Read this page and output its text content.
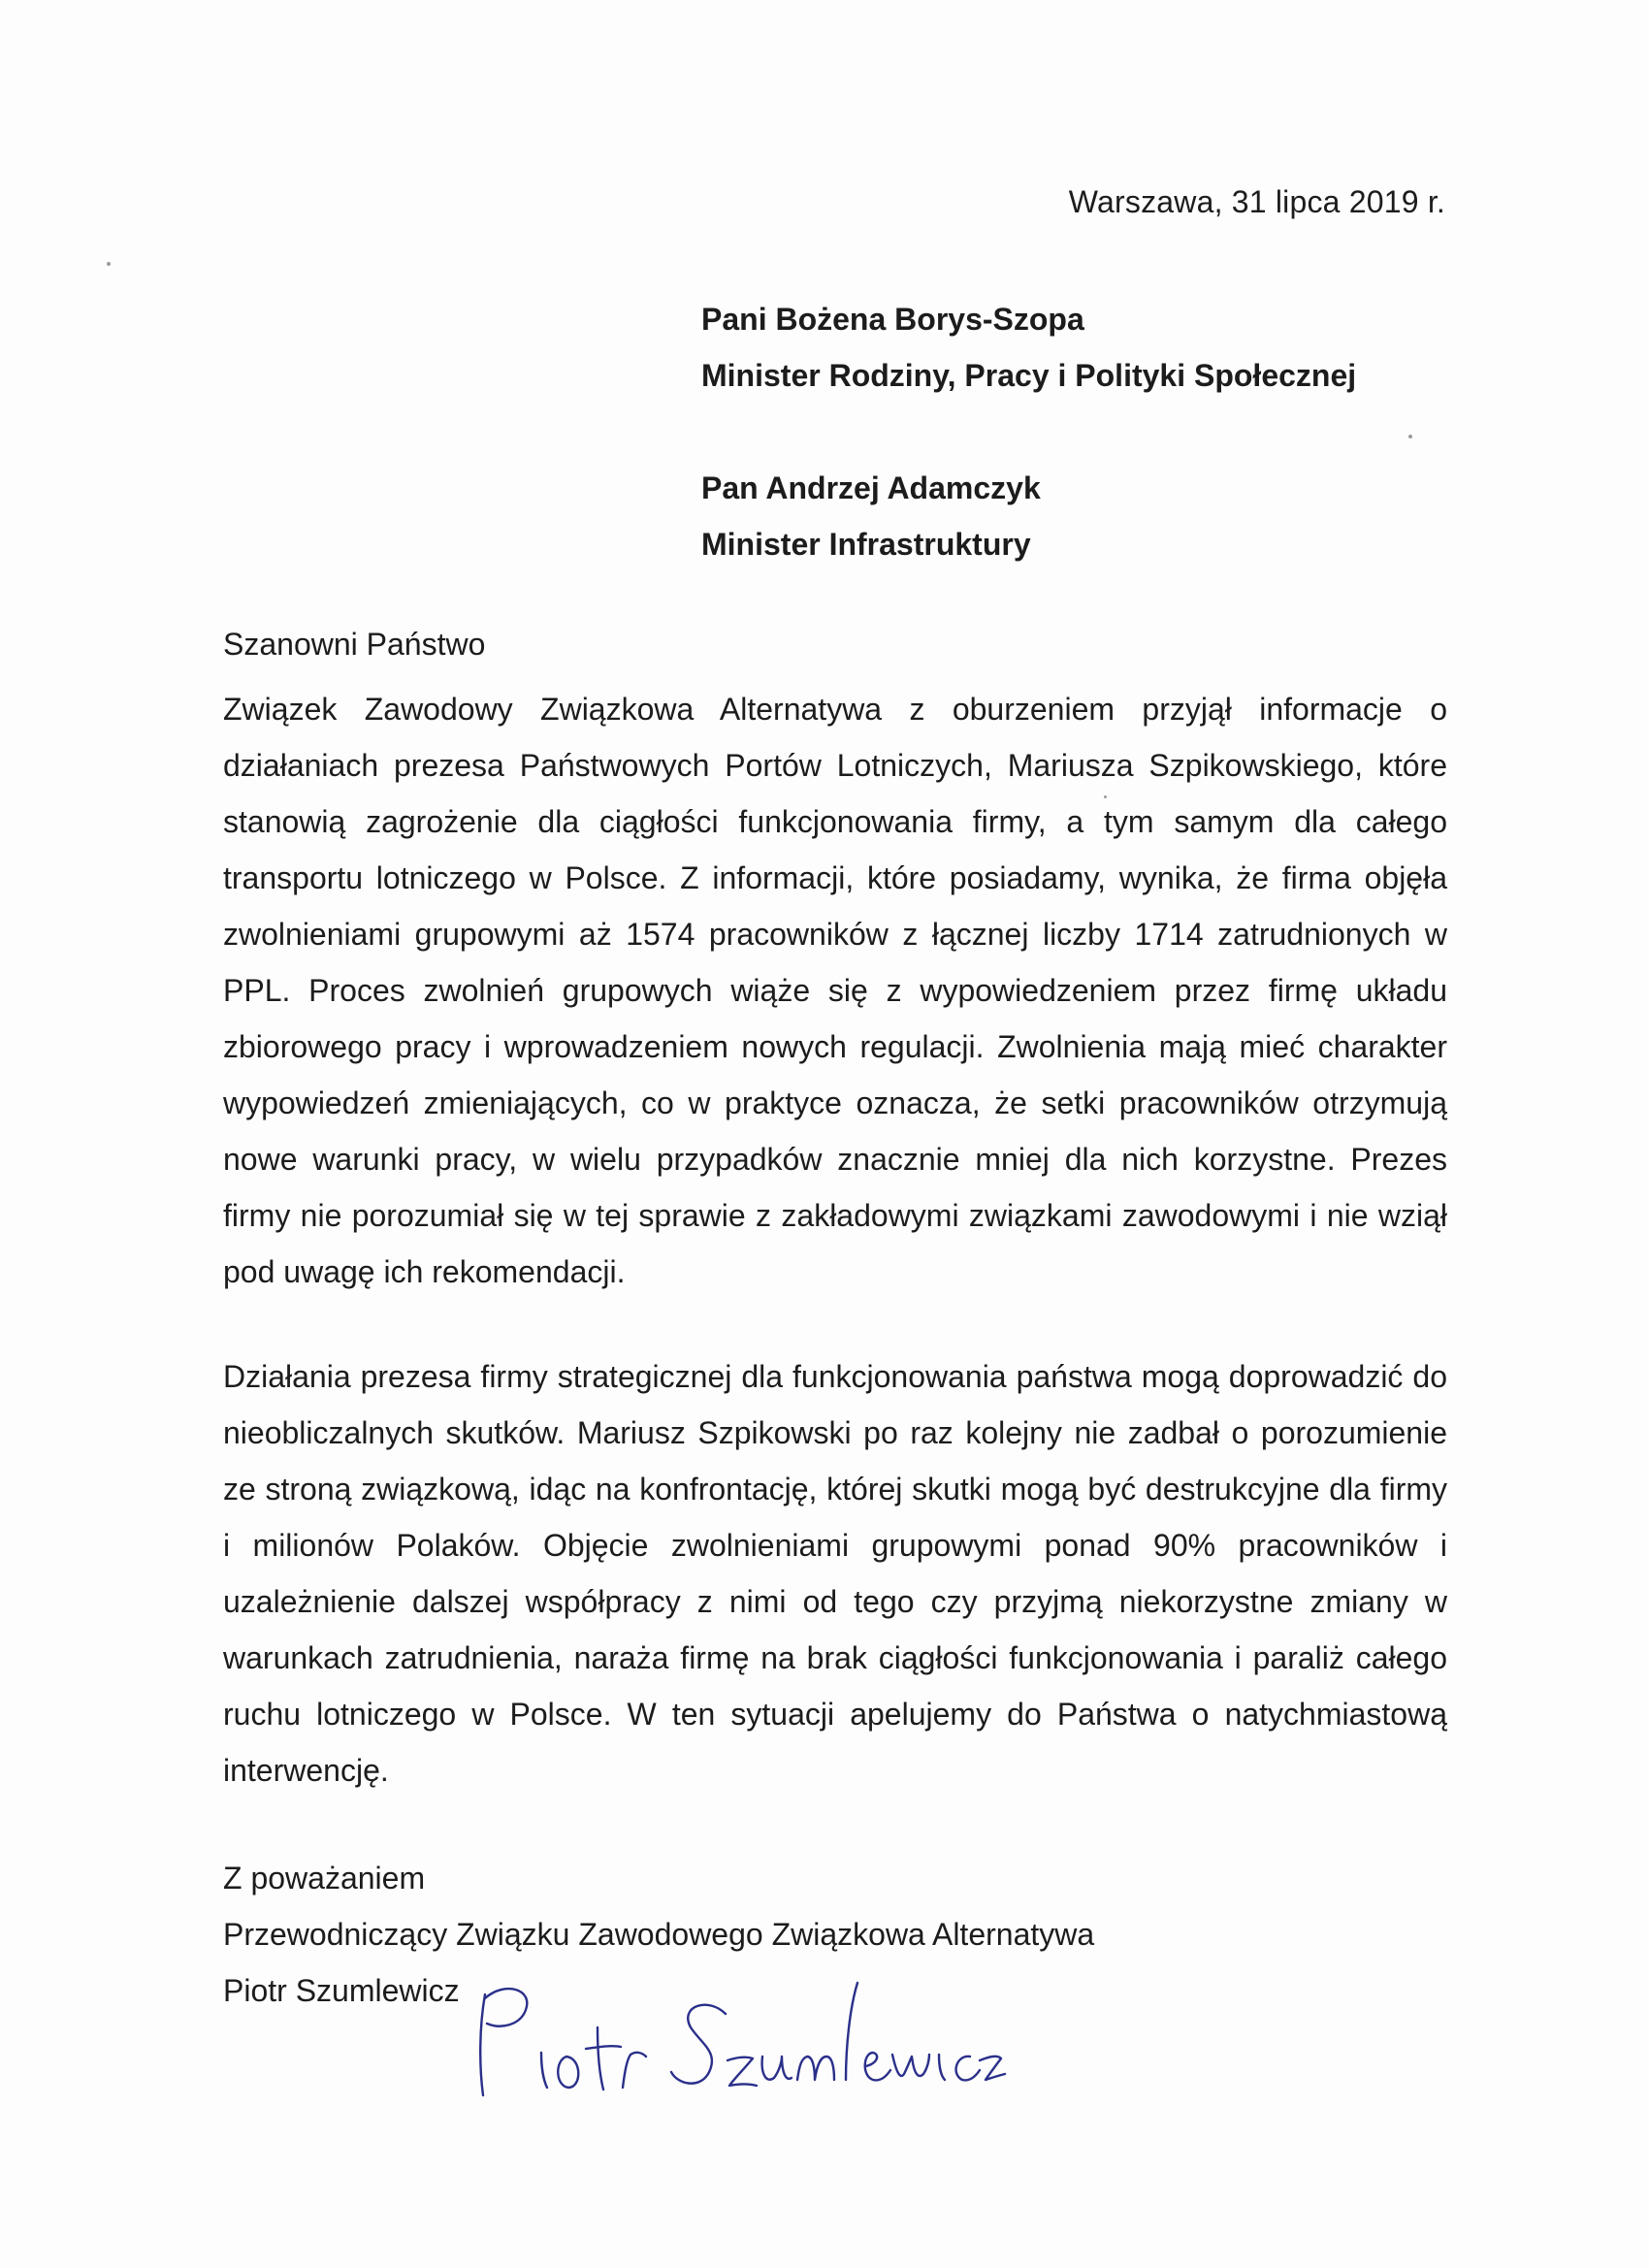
Warszawa, 31 lipca 2019 r.
Pani Bożena Borys-Szopa
Minister Rodziny, Pracy i Polityki Społecznej
Pan Andrzej Adamczyk
Minister Infrastruktury
Szanowni Państwo
Związek Zawodowy Związkowa Alternatywa z oburzeniem przyjął informacje o działaniach prezesa Państwowych Portów Lotniczych, Mariusza Szpikowskiego, które stanowią zagrożenie dla ciągłości funkcjonowania firmy, a tym samym dla całego transportu lotniczego w Polsce. Z informacji, które posiadamy, wynika, że firma objęła zwolnieniami grupowymi aż 1574 pracowników z łącznej liczby 1714 zatrudnionych w PPL. Proces zwolnień grupowych wiąże się z wypowiedzeniem przez firmę układu zbiorowego pracy i wprowadzeniem nowych regulacji. Zwolnienia mają mieć charakter wypowiedzeń zmieniających, co w praktyce oznacza, że setki pracowników otrzymują nowe warunki pracy, w wielu przypadków znacznie mniej dla nich korzystne. Prezes firmy nie porozumiał się w tej sprawie z zakładowymi związkami zawodowymi i nie wziął pod uwagę ich rekomendacji.
Działania prezesa firmy strategicznej dla funkcjonowania państwa mogą doprowadzić do nieobliczalnych skutków. Mariusz Szpikowski po raz kolejny nie zadbał o porozumienie ze stroną związkową, idąc na konfrontację, której skutki mogą być destrukcyjne dla firmy i milionów Polaków. Objęcie zwolnieniami grupowymi ponad 90% pracowników i uzależnienie dalszej współpracy z nimi od tego czy przyjmą niekorzystne zmiany w warunkach zatrudnienia, naraża firmę na brak ciągłości funkcjonowania i paraliż całego ruchu lotniczego w Polsce. W ten sytuacji apelujemy do Państwa o natychmiastową interwencję.
Z poważaniem
Przewodniczący Związku Zawodowego Związkowa Alternatywa
Piotr Szumlewicz
